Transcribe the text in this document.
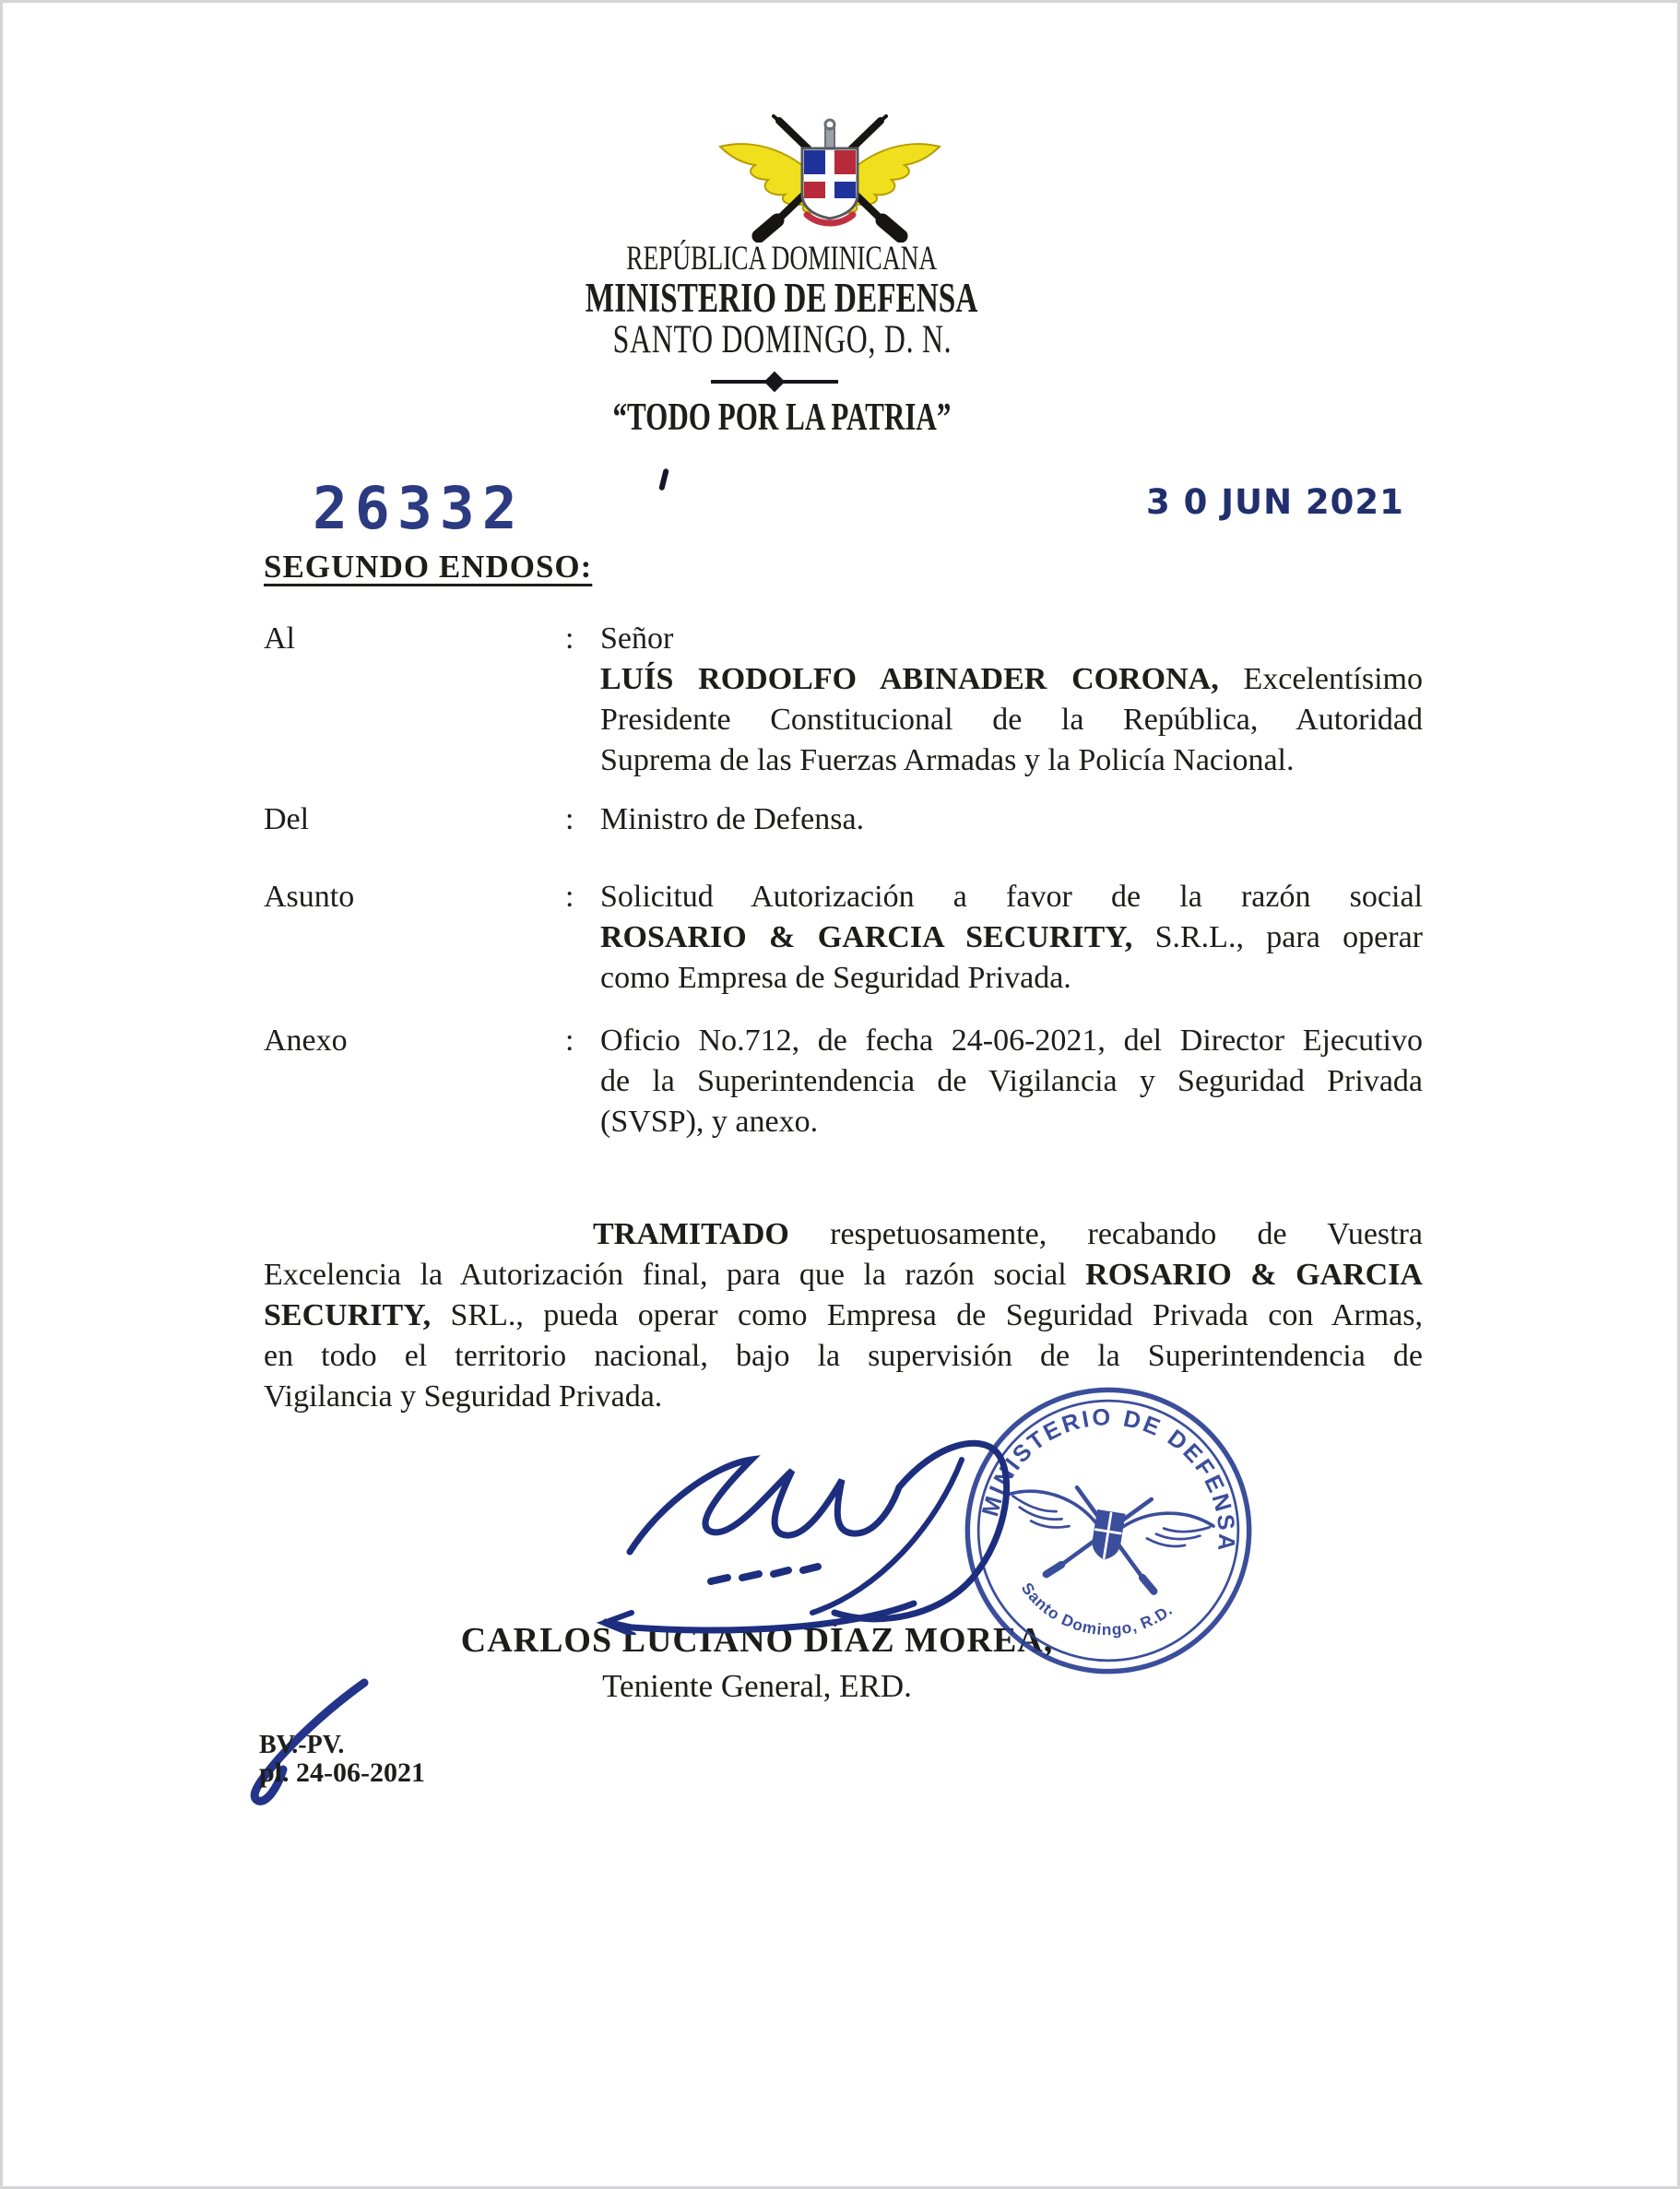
REPÚBLICA DOMINICANA
MINISTERIO DE DEFENSA
SANTO DOMINGO, D. N.
“TODO POR LA PATRIA”
26332	3 0 JUN 2021
SEGUNDO ENDOSO:
Al	: Señor
LUÍS RODOLFO ABINADER CORONA, Excelentísimo
Presidente Constitucional de la República, Autoridad
Suprema de las Fuerzas Armadas y la Policía Nacional.
Del	: Ministro de Defensa.
Asunto	: Solicitud Autorización a favor de la razón social
ROSARIO & GARCIA SECURITY, S.R.L., para operar
como Empresa de Seguridad Privada.
Anexo	: Oficio No.712, de fecha 24-06-2021, del Director Ejecutivo
de la Superintendencia de Vigilancia y Seguridad Privada
(SVSP), y anexo.
TRAMITADO respetuosamente, recabando de Vuestra
Excelencia la Autorización final, para que la razón social ROSARIO & GARCIA
SECURITY, SRL., pueda operar como Empresa de Seguridad Privada con Armas,
en todo el territorio nacional, bajo la supervisión de la Superintendencia de
Vigilancia y Seguridad Privada.
CARLOS LUCIANO DÍAZ MOREA,
Teniente General, ERD.
MINISTERIO DE DEFENSA
Santo Domingo, R.D.
BV.-PV.
pl. 24-06-2021
